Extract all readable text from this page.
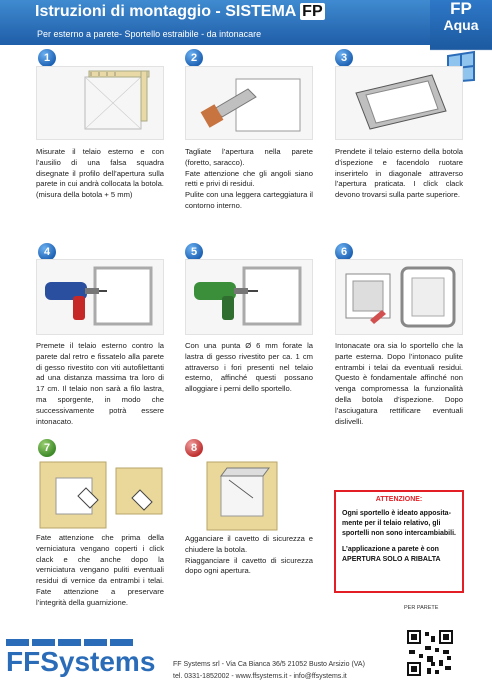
Istruzioni di montaggio - SISTEMA FP
Per esterno a parete- Sportello estraibile - da intonacare
FP
Aqua
1
Misurate il telaio esterno e con l’ausilio di una falsa squadra disegnate il profilo dell’apertura sulla parete in cui andrà collocata la botola.
(misura della botola + 5 mm)
2
Tagliate l’apertura nella parete (foretto, saracco).
Fate attenzione che gli angoli siano retti e privi di residui.
Pulite con una leggera carteggiatura il contorno interno.
3
Prendete il telaio esterno della botola d’ispezione e facendolo ruotare inserirtelo in diagonale attraverso l’apertura praticata. I click clack devono trovarsi sulla parte superiore.
4
Premete il telaio esterno contro la parete dal retro e fissatelo alla parete di gesso rivestito con viti autofilettanti ad una distanza massima tra loro di 17 cm. Il telaio non sarà a filo lastra, ma sporgente, in modo che successivamente potrà essere intonacato.
5
Con una punta Ø 6 mm forate la lastra di gesso rivestito per ca. 1 cm attraverso i fori presenti nel telaio esterno, affinché questi possano alloggiare i perni dello sportello.
6
Intonacate ora sia lo sportello che la parte esterna. Dopo l’intonaco pulite entrambi i telai da eventuali residui. Questo è fondamentale affinché non venga compromessa la funzionalità della botola d’ispezione. Dopo l’asciugatura rettificare eventuali dislivelli.
7
Fate attenzione che prima della verniciatura vengano coperti i click clack e che anche dopo la verniciatura vengano puliti eventuali residui di vernice da entrambi i telai. Fate attenzione a preservare l’integrità della guarnizione.
8
Agganciare il cavetto di sicurezza e chiudere la botola.
Riagganciare il cavetto di sicurezza dopo ogni apertura.
ATTENZIONE:
Ogni sportello è ideato apposita-mente per il telaio relativo, gli sportelli non sono intercambiabili.
L’applicazione a parete è con APERTURA SOLO A RIBALTA
PER PARETE
FFSystems	FF Systems srl - Via Ca Bianca 36/5 21052 Busto Arsizio (VA)
tel. 0331-1852002 - www.ffsystems.it - info@ffsystems.it
